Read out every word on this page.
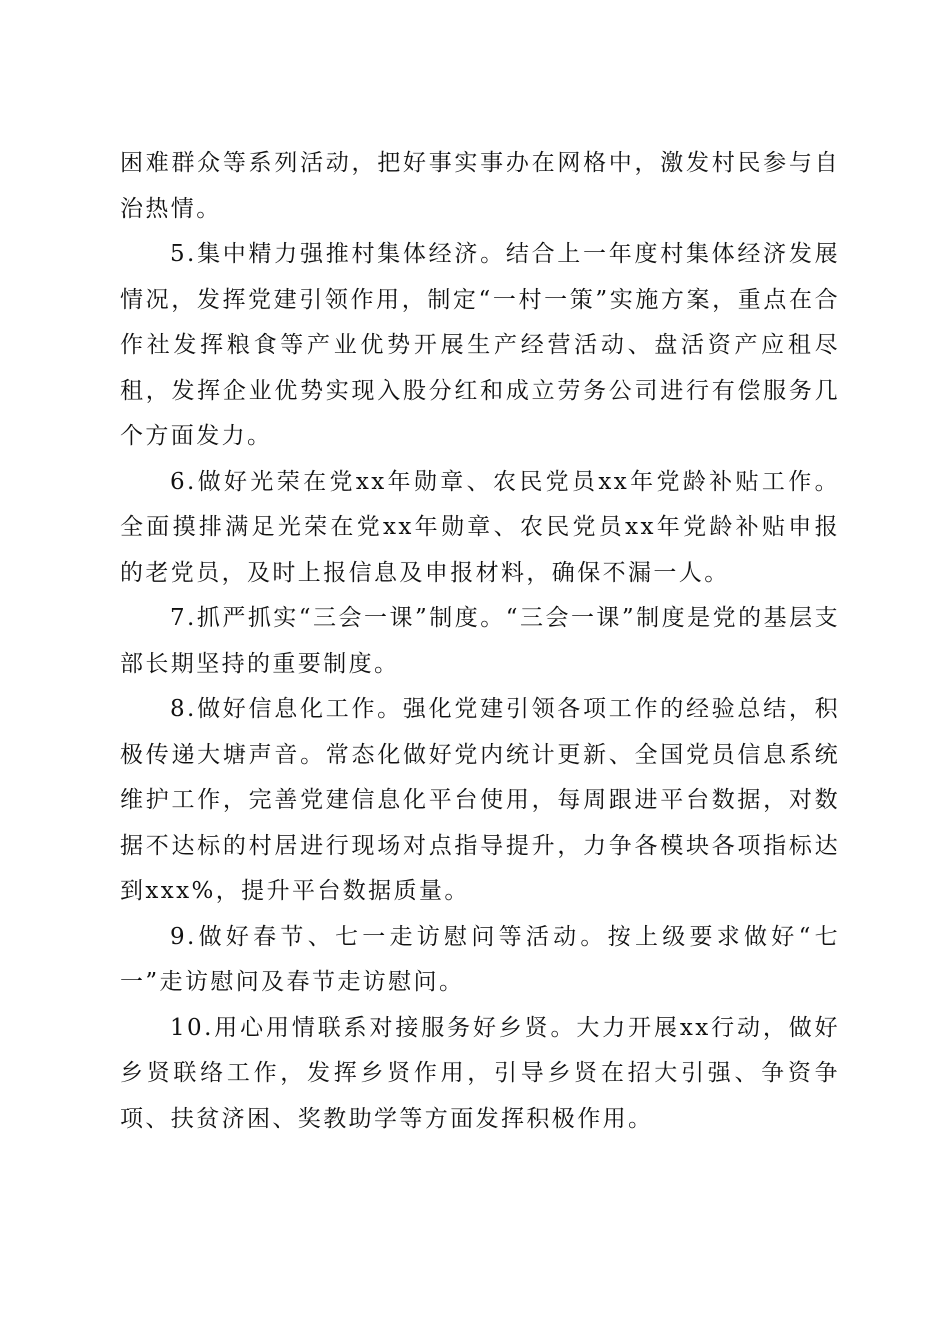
困难群众等系列活动，把好事实事办在网格中，激发村民参与自治热情。

5.集中精力强推村集体经济。结合上一年度村集体经济发展情况，发挥党建引领作用，制定“一村一策”实施方案，重点在合作社发挥粮食等产业优势开展生产经营活动、盘活资产应租尽租，发挥企业优势实现入股分红和成立劳务公司进行有偿服务几个方面发力。

6.做好光荣在党xx年勋章、农民党员xx年党龄补贴工作。全面摸排满足光荣在党xx年勋章、农民党员xx年党龄补贴申报的老党员，及时上报信息及申报材料，确保不漏一人。

7.抓严抓实“三会一课”制度。“三会一课”制度是党的基层支部长期坚持的重要制度。

8.做好信息化工作。强化党建引领各项工作的经验总结，积极传递大塘声音。常态化做好党内统计更新、全国党员信息系统维护工作，完善党建信息化平台使用，每周跟进平台数据，对数据不达标的村居进行现场对点指导提升，力争各模块各项指标达到xxx%，提升平台数据质量。

9.做好春节、七一走访慰问等活动。按上级要求做好“七一”走访慰问及春节走访慰问。

10.用心用情联系对接服务好乡贤。大力开展xx行动，做好乡贤联络工作，发挥乡贤作用，引导乡贤在招大引强、争资争项、扶贫济困、奖教助学等方面发挥积极作用。
